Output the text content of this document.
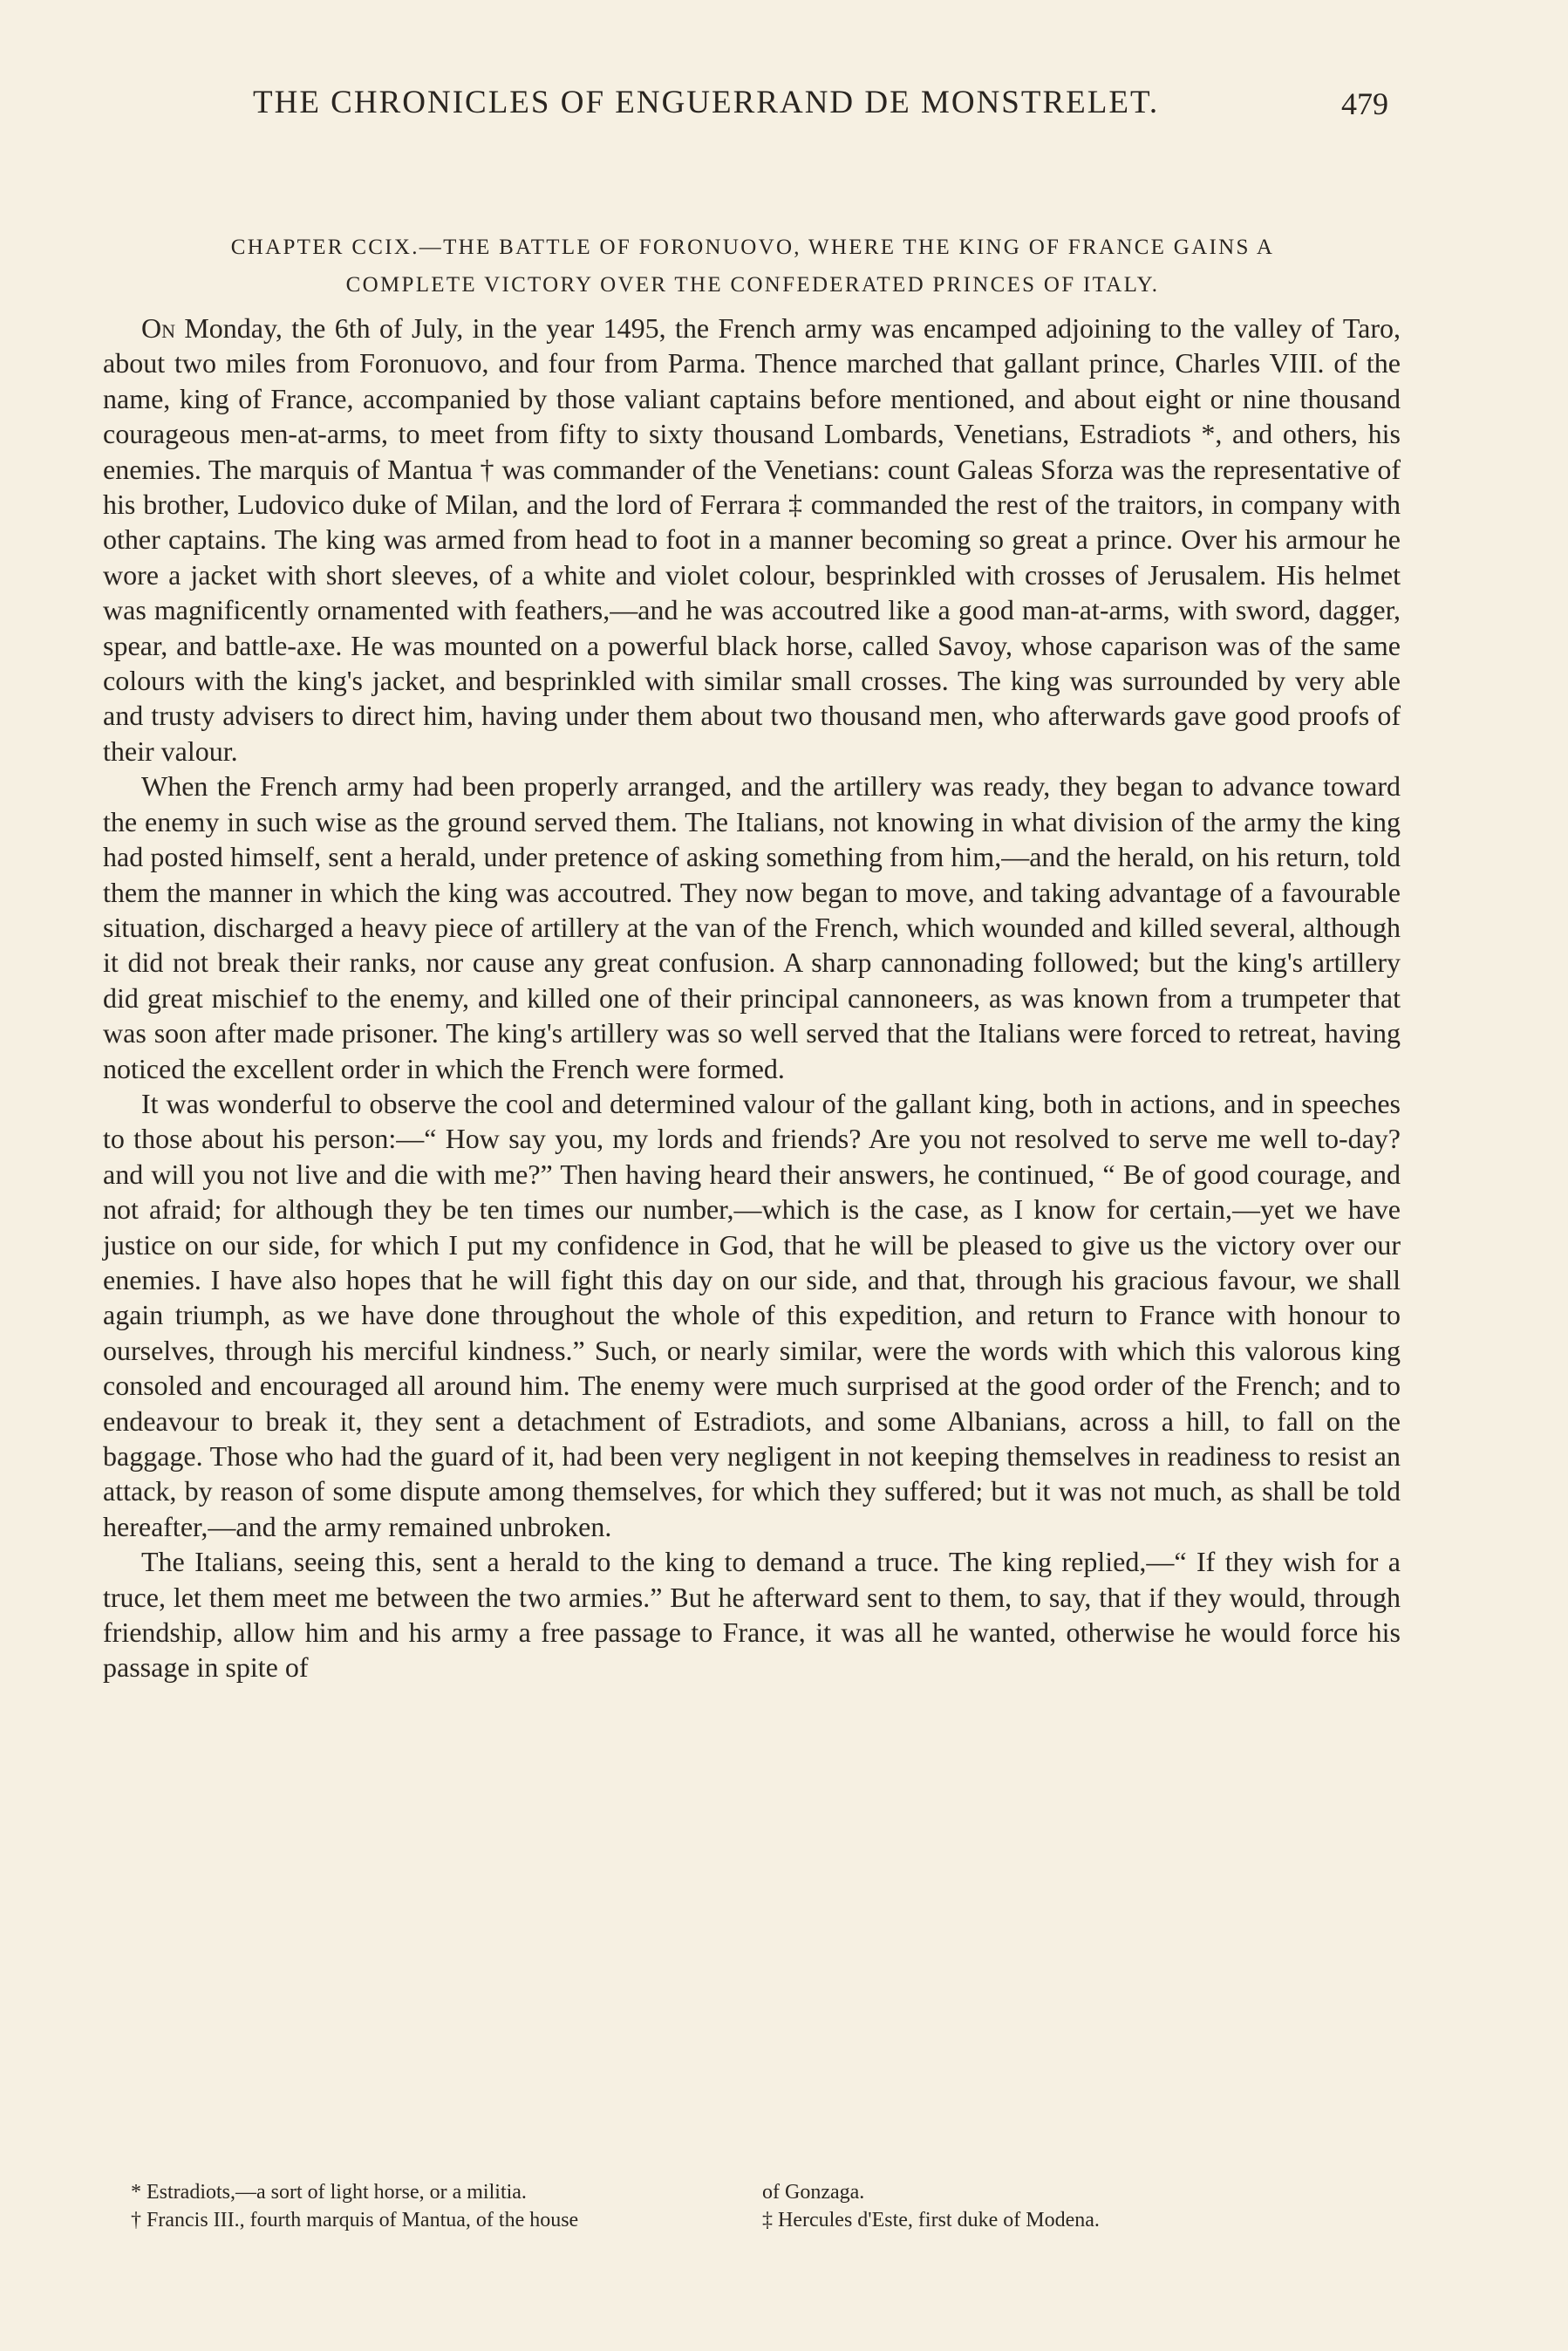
THE CHRONICLES OF ENGUERRAND DE MONSTRELET.	479
CHAPTER CCIX.—THE BATTLE OF FORONUOVO, WHERE THE KING OF FRANCE GAINS A
COMPLETE VICTORY OVER THE CONFEDERATED PRINCES OF ITALY.

On Monday, the 6th of July, in the year 1495, the French army was encamped adjoining to the valley of Taro, about two miles from Foronuovo, and four from Parma. Thence marched that gallant prince, Charles VIII. of the name, king of France, accompanied by those valiant captains before mentioned, and about eight or nine thousand courageous men-at-arms, to meet from fifty to sixty thousand Lombards, Venetians, Estradiots *, and others, his enemies. The marquis of Mantua † was commander of the Venetians: count Galeas Sforza was the representative of his brother, Ludovico duke of Milan, and the lord of Ferrara ‡ commanded the rest of the traitors, in company with other captains. The king was armed from head to foot in a manner becoming so great a prince. Over his armour he wore a jacket with short sleeves, of a white and violet colour, besprinkled with crosses of Jerusalem. His helmet was magnificently ornamented with feathers,—and he was accoutred like a good man-at-arms, with sword, dagger, spear, and battle-axe. He was mounted on a powerful black horse, called Savoy, whose caparison was of the same colours with the king's jacket, and besprinkled with similar small crosses. The king was surrounded by very able and trusty advisers to direct him, having under them about two thousand men, who afterwards gave good proofs of their valour.

When the French army had been properly arranged, and the artillery was ready, they began to advance toward the enemy in such wise as the ground served them. The Italians, not knowing in what division of the army the king had posted himself, sent a herald, under pretence of asking something from him,—and the herald, on his return, told them the manner in which the king was accoutred. They now began to move, and taking advantage of a favourable situation, discharged a heavy piece of artillery at the van of the French, which wounded and killed several, although it did not break their ranks, nor cause any great confusion. A sharp cannonading followed; but the king's artillery did great mischief to the enemy, and killed one of their principal cannoneers, as was known from a trumpeter that was soon after made prisoner. The king's artillery was so well served that the Italians were forced to retreat, having noticed the excellent order in which the French were formed.

It was wonderful to observe the cool and determined valour of the gallant king, both in actions, and in speeches to those about his person:—“ How say you, my lords and friends? Are you not resolved to serve me well to-day? and will you not live and die with me?” Then having heard their answers, he continued, “ Be of good courage, and not afraid; for although they be ten times our number,—which is the case, as I know for certain,—yet we have justice on our side, for which I put my confidence in God, that he will be pleased to give us the victory over our enemies. I have also hopes that he will fight this day on our side, and that, through his gracious favour, we shall again triumph, as we have done throughout the whole of this expedition, and return to France with honour to ourselves, through his merciful kindness.” Such, or nearly similar, were the words with which this valorous king consoled and encouraged all around him. The enemy were much surprised at the good order of the French; and to endeavour to break it, they sent a detachment of Estradiots, and some Albanians, across a hill, to fall on the baggage. Those who had the guard of it, had been very negligent in not keeping themselves in readiness to resist an attack, by reason of some dispute among themselves, for which they suffered; but it was not much, as shall be told hereafter,—and the army remained unbroken.

The Italians, seeing this, sent a herald to the king to demand a truce. The king replied,—“ If they wish for a truce, let them meet me between the two armies.” But he afterward sent to them, to say, that if they would, through friendship, allow him and his army a free passage to France, it was all he wanted, otherwise he would force his passage in spite of

* Estradiots,—a sort of light horse, or a militia.
† Francis III., fourth marquis of Mantua, of the house
of Gonzaga.
‡ Hercules d'Este, first duke of Modena.
